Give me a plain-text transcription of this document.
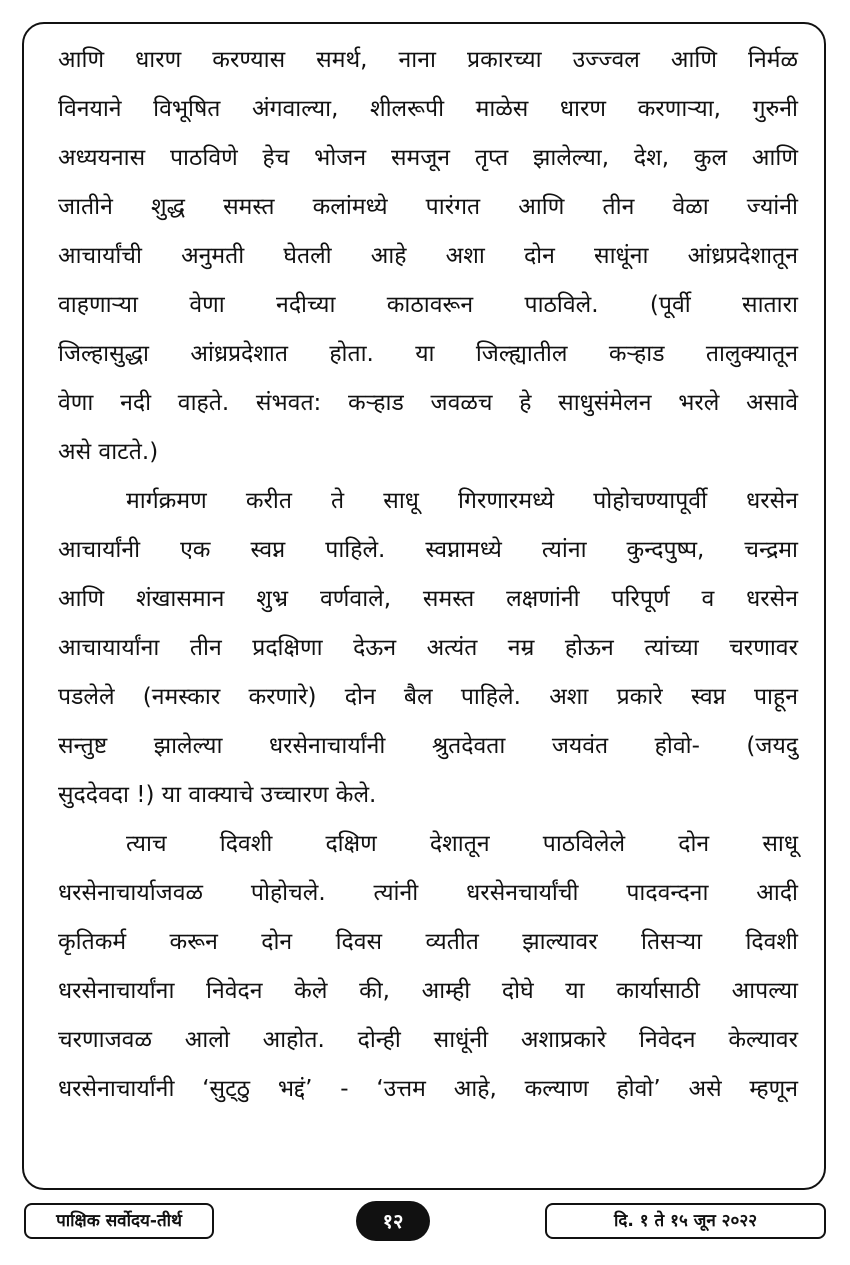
आणि धारण करण्यास समर्थ, नाना प्रकारच्या उज्ज्वल आणि निर्मळ
विनयाने विभूषित अंगवाल्या, शीलरूपी माळेस धारण करणाऱ्या, गुरुनी
अध्ययनास पाठविणे हेच भोजन समजून तृप्त झालेल्या, देश, कुल आणि
जातीने शुद्ध समस्त कलांमध्ये पारंगत आणि तीन वेळा ज्यांनी
आचार्यांची अनुमती घेतली आहे अशा दोन साधूंना आंध्रप्रदेशातून
वाहणाऱ्या वेणा नदीच्या काठावरून पाठविले. (पूर्वी सातारा
जिल्हासुद्धा आंध्रप्रदेशात होता. या जिल्ह्यातील कऱ्हाड तालुक्यातून
वेणा नदी वाहते. संभवत: कऱ्हाड जवळच हे साधुसंमेलन भरले असावे
असे वाटते.)
मार्गक्रमण करीत ते साधू गिरणारमध्ये पोहोचण्यापूर्वी धरसेन
आचार्यांनी एक स्वप्न पाहिले. स्वप्नामध्ये त्यांना कुन्दपुष्प, चन्द्रमा
आणि शंखासमान शुभ्र वर्णवाले, समस्त लक्षणांनी परिपूर्ण व धरसेन
आचायार्यांना तीन प्रदक्षिणा देऊन अत्यंत नम्र होऊन त्यांच्या चरणावर
पडलेले (नमस्कार करणारे) दोन बैल पाहिले. अशा प्रकारे स्वप्न पाहून
सन्तुष्ट झालेल्या धरसेनाचार्यांनी श्रुतदेवता जयवंत होवो- (जयदु
सुददेवदा !) या वाक्याचे उच्चारण केले.
त्याच दिवशी दक्षिण देशातून पाठविलेले दोन साधू
धरसेनाचार्याजवळ पोहोचले. त्यांनी धरसेनचार्यांची पादवन्दना आदी
कृतिकर्म करून दोन दिवस व्यतीत झाल्यावर तिसऱ्या दिवशी
धरसेनाचार्यांना निवेदन केले की, आम्ही दोघे या कार्यासाठी आपल्या
चरणाजवळ आलो आहोत. दोन्ही साधूंनी अशाप्रकारे निवेदन केल्यावर
धरसेनाचार्यांनी ‘सुट्‌ठु भद्दं’ - ‘उत्तम आहे, कल्याण होवो’ असे म्हणून
पाक्षिक सर्वोदय-तीर्थ	१२	दि. १ ते १५ जून २०२२
